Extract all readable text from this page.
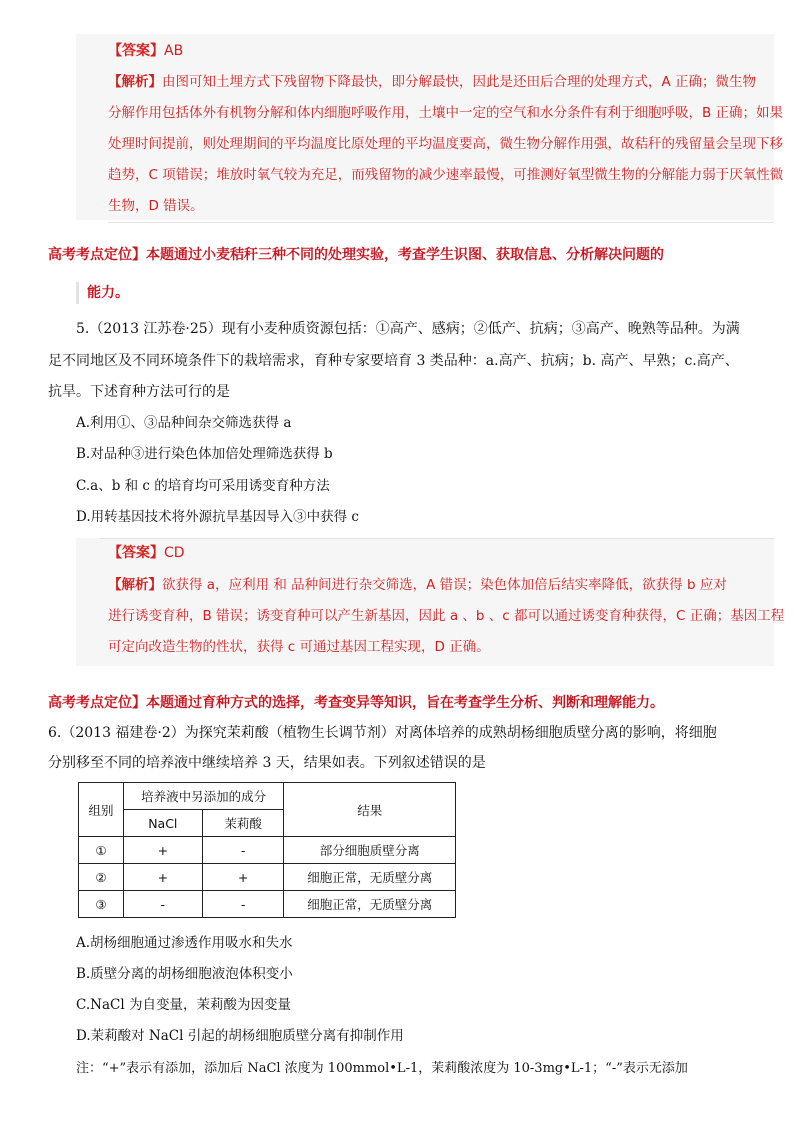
【答案】AB
【解析】由图可知土埋方式下残留物下降最快，即分解最快，因此是还田后合理的处理方式，A 正确；微生物
分解作用包括体外有机物分解和体内细胞呼吸作用，土壤中一定的空气和水分条件有利于细胞呼吸，B 正确；如果
处理时间提前，则处理期间的平均温度比原处理的平均温度要高，微生物分解作用强，故秸秆的残留量会呈现下移
趋势，C 项错误；堆放时氧气较为充足，而残留物的减少速率最慢，可推测好氧型微生物的分解能力弱于厌氧性微
生物，D 错误。
高考考点定位】本题通过小麦秸秆三种不同的处理实验，考查学生识图、获取信息、分析解决问题的
能力。
5.（2013 江苏卷·25）现有小麦种质资源包括：①高产、感病；②低产、抗病；③高产、晚熟等品种。为满
足不同地区及不同环境条件下的栽培需求，育种专家要培育 3 类品种：a.高产、抗病；b. 高产、早熟；c.高产、
抗旱。下述育种方法可行的是
A.利用①、③品种间杂交筛选获得 a
B.对品种③进行染色体加倍处理筛选获得 b
C.a、b 和 c 的培育均可采用诱变育种方法
D.用转基因技术将外源抗旱基因导入③中获得 c
【答案】CD
【解析】欲获得 a，应利用 和 品种间进行杂交筛选，A 错误；染色体加倍后结实率降低，欲获得 b 应对
进行诱变育种，B 错误；诱变育种可以产生新基因，因此 a 、b 、c 都可以通过诱变育种获得，C 正确；基因工程
可定向改造生物的性状，获得 c 可通过基因工程实现，D 正确。
高考考点定位】本题通过育种方式的选择，考查变异等知识，旨在考查学生分析、判断和理解能力。
6.（2013 福建卷·2）为探究茉莉酸（植物生长调节剂）对离体培养的成熟胡杨细胞质壁分离的影响，将细胞
分别移至不同的培养液中继续培养 3 天，结果如表。下列叙述错误的是
组别	培养液中另添加的成分		结果
	NaCl	茉莉酸	
①	+	-	部分细胞质壁分离
②	+	+	细胞正常，无质壁分离
③	-	-	细胞正常，无质壁分离
A.胡杨细胞通过渗透作用吸水和失水
B.质壁分离的胡杨细胞液泡体积变小
C.NaCl 为自变量，茉莉酸为因变量
D.茉莉酸对 NaCl 引起的胡杨细胞质壁分离有抑制作用
注：“+”表示有添加，添加后 NaCl 浓度为 100mmol•L-1，茉莉酸浓度为 10-3mg•L-1；“-”表示无添加
